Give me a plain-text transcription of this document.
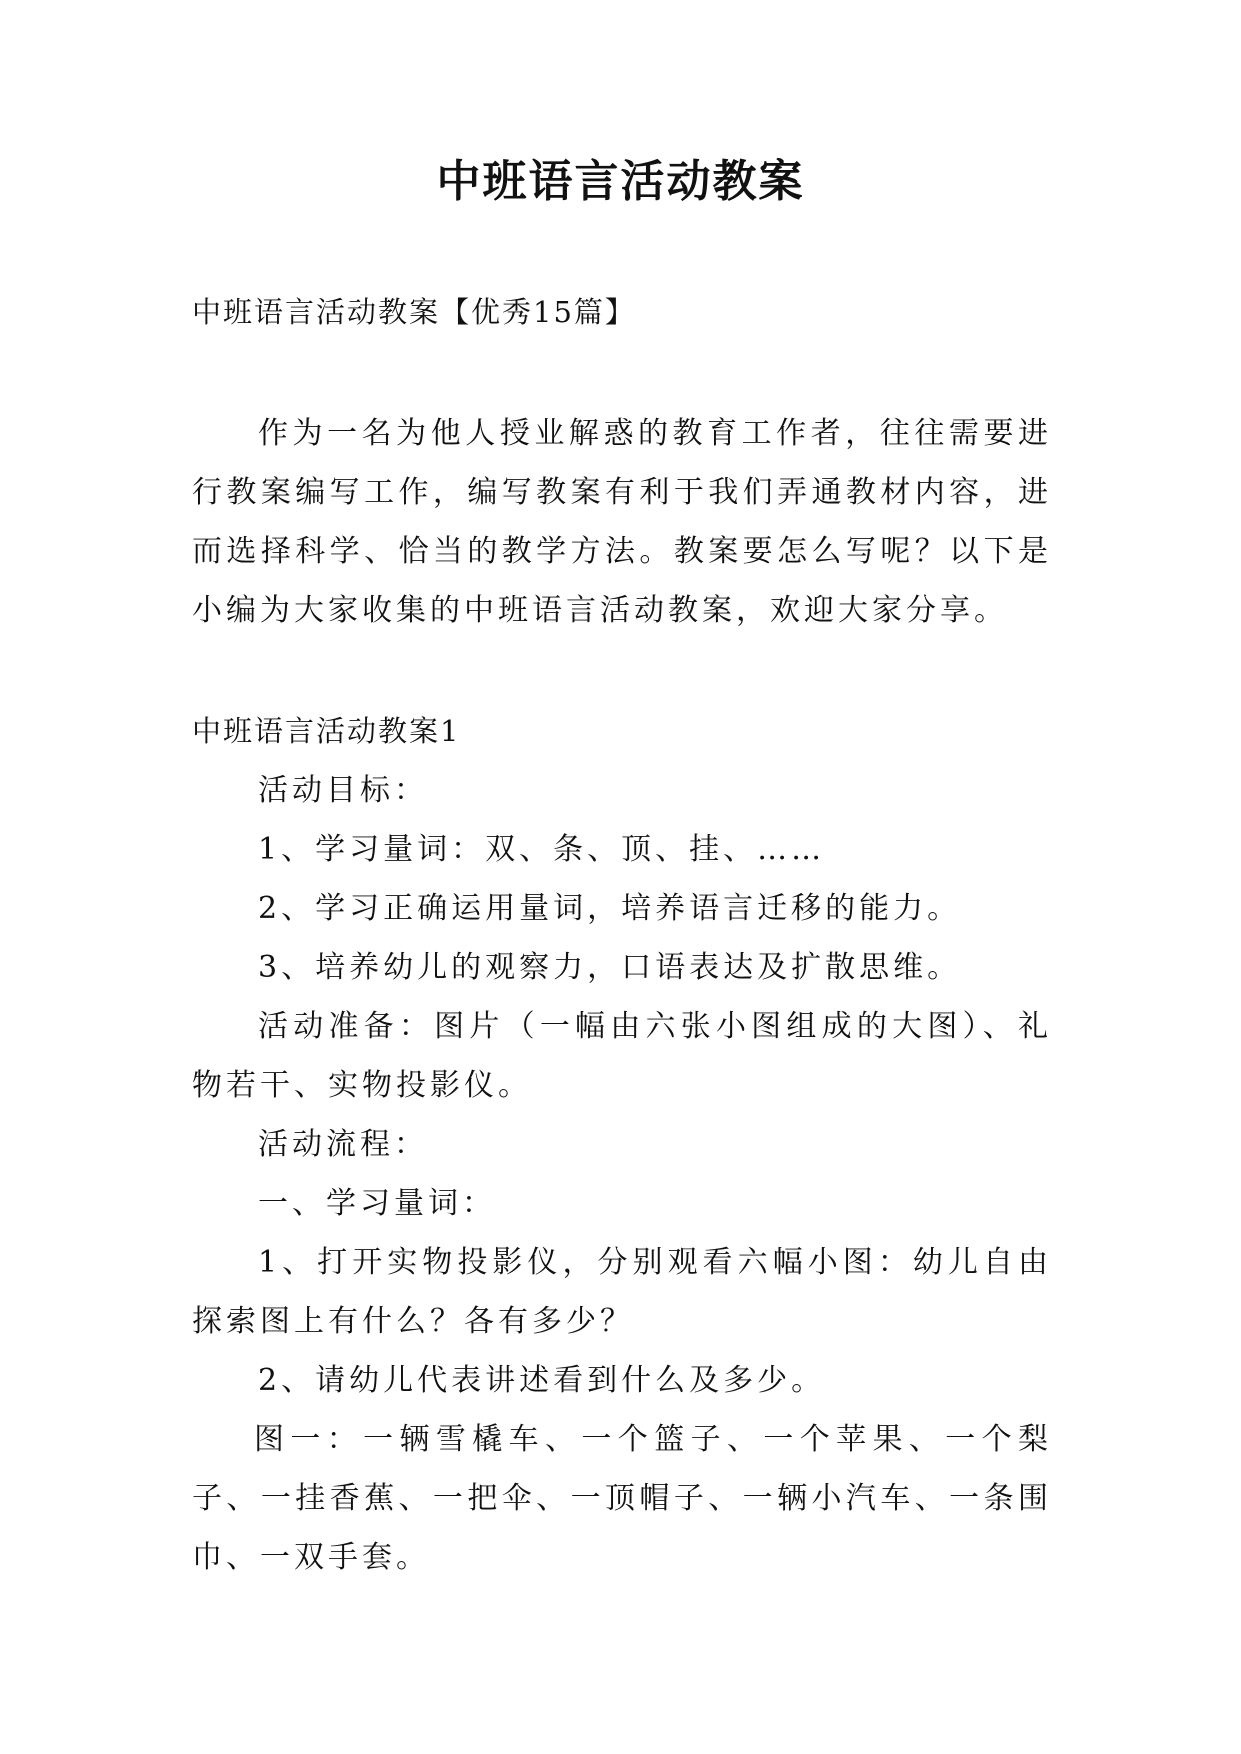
中班语言活动教案
中班语言活动教案【优秀15篇】

作为一名为他人授业解惑的教育工作者，往往需要进行教案编写工作，编写教案有利于我们弄通教材内容，进而选择科学、恰当的教学方法。教案要怎么写呢？以下是小编为大家收集的中班语言活动教案，欢迎大家分享。

中班语言活动教案1

活动目标：

1、学习量词：双、条、顶、挂、……

2、学习正确运用量词，培养语言迁移的能力。

3、培养幼儿的观察力，口语表达及扩散思维。

活动准备：图片（一幅由六张小图组成的大图）、礼物若干、实物投影仪。

活动流程：

一、学习量词：

1、打开实物投影仪，分别观看六幅小图：幼儿自由探索图上有什么？各有多少？

2、请幼儿代表讲述看到什么及多少。

图一：一辆雪橇车、一个篮子、一个苹果、一个梨子、一挂香蕉、一把伞、一顶帽子、一辆小汽车、一条围巾、一双手套。
